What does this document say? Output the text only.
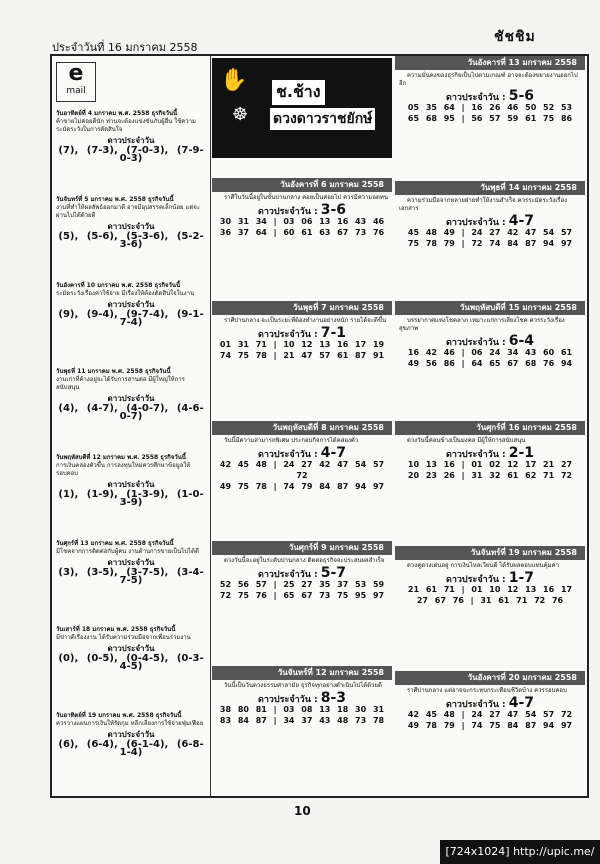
ประจำวันที่ 16 มกราคม 2558
ชัชชิม
e
mail
วันอาทิตย์ที่ 4 มกราคม พ.ศ. 2558 ธุรกิจวันนี้
ค้าขายไม่ค่อยดีนัก ท่านจะต้องแข่งขันกับผู้อื่น ใช้ความระมัดระวังในการตัดสินใจ
ดาวประจำวัน
(7), (7-3), (7-0-3), (7-9-0-3)
วันจันทร์ที่ 5 มกราคม พ.ศ. 2558 ธุรกิจวันนี้
งานที่ทำให้ผลลัพธ์ออกมาดี อาจมีอุปสรรคเล็กน้อย แต่จะผ่านไปได้ด้วยดี
ดาวประจำวัน
(5), (5-6), (5-3-6), (5-2-3-6)
วันอังคารที่ 10 มกราคม พ.ศ. 2558 ธุรกิจวันนี้
ระมัดระวังเรื่องค่าใช้จ่าย มีเรื่องให้ต้องตัดสินใจในงาน
ดาวประจำวัน
(9), (9-4), (9-7-4), (9-1-7-4)
วันพุธที่ 11 มกราคม พ.ศ. 2558 ธุรกิจวันนี้
งานเก่าที่ค้างอยู่จะได้รับการสานต่อ มีผู้ใหญ่ให้การสนับสนุน
ดาวประจำวัน
(4), (4-7), (4-0-7), (4-6-0-7)
วันพฤหัสบดีที่ 12 มกราคม พ.ศ. 2558 ธุรกิจวันนี้
การเงินคล่องตัวขึ้น การลงทุนใหม่ควรศึกษาข้อมูลให้รอบคอบ
ดาวประจำวัน
(1), (1-9), (1-3-9), (1-0-3-9)
วันศุกร์ที่ 13 มกราคม พ.ศ. 2558 ธุรกิจวันนี้
มีโชคจากการติดต่อกับผู้คน งานด้านการขายเป็นไปได้ดี
ดาวประจำวัน
(3), (3-5), (3-7-5), (3-4-7-5)
วันเสาร์ที่ 18 มกราคม พ.ศ. 2558 ธุรกิจวันนี้
มีข่าวดีเรื่องงาน ได้รับความร่วมมือจากเพื่อนร่วมงาน
ดาวประจำวัน
(0), (0-5), (0-4-5), (0-3-4-5)
วันอาทิตย์ที่ 19 มกราคม พ.ศ. 2558 ธุรกิจวันนี้
ควรวางแผนการเงินให้รัดกุม หลีกเลี่ยงการใช้จ่ายฟุ่มเฟือย
ดาวประจำวัน
(6), (6-4), (6-1-4), (6-8-1-4)
✋
☸
ช.ช้าง
ดวงดาวราชยักษ์
วันอังคารที่ 13 มกราคม 2558
ความมั่นคงของธุรกิจเป็นไปตามเกณฑ์ อาจจะต้องขยายงานออกไปอีก
ดาวประจำวัน : 5-6
05 35 64 | 16 26 46 50 52 53
65 68 95 | 56 57 59 61 75 86
วันอังคารที่ 6 มกราคม 2558
ราศีในวันนี้อยู่ในขั้นปานกลาง ค่อยเป็นค่อยไป ควรมีความอดทน
ดาวประจำวัน : 3-6
30 31 34 | 03 06 13 16 43 46
36 37 64 | 60 61 63 67 73 76
วันพุธที่ 14 มกราคม 2558
ความร่วมมือจากหลายฝ่ายทำให้งานสำเร็จ ควรระมัดระวังเรื่องเอกสาร
ดาวประจำวัน : 4-7
45 48 49 | 24 27 42 47 54 57
75 78 79 | 72 74 84 87 94 97
วันพุธที่ 7 มกราคม 2558
ราศีปานกลาง จะเป็นระยะที่ต้องทำงานอย่างหนัก รายได้จะดีขึ้น
ดาวประจำวัน : 7-1
01 31 71 | 10 12 13 16 17 19
74 75 78 | 21 47 57 61 87 91
วันพฤหัสบดีที่ 15 มกราคม 2558
บรรยากาศแห่งโชคลาภ เหมาะแก่การเสี่ยงโชค ควรระวังเรื่องสุขภาพ
ดาวประจำวัน : 6-4
16 42 46 | 06 24 34 43 60 61
49 56 86 | 64 65 67 68 76 94
วันพฤหัสบดีที่ 8 มกราคม 2558
วันนี้มีความสามารถพิเศษ ประกอบกิจการได้คล่องตัว
ดาวประจำวัน : 4-7
42 45 48 | 24 27 42 47 54 57 72
49 75 78 | 74 79 84 87 94 97
วันศุกร์ที่ 16 มกราคม 2558
ดวงวันนี้ค่อนข้างเป็นมงคล มีผู้ให้การสนับสนุน
ดาวประจำวัน : 2-1
10 13 16 | 01 02 12 17 21 27
20 23 26 | 31 32 61 62 71 72
วันศุกร์ที่ 9 มกราคม 2558
ดวงวันนี้จะอยู่ในระดับปานกลาง ติดต่อธุรกิจจะประสบผลสำเร็จ
ดาวประจำวัน : 5-7
52 56 57 | 25 27 35 37 53 59
72 75 76 | 65 67 73 75 95 97
วันจันทร์ที่ 19 มกราคม 2558
ดวงคู่ดวงเด่นอยู่ การเงินไหลเวียนดี ได้รับผลตอบแทนคุ้มค่า
ดาวประจำวัน : 1-7
21 61 71 | 01 10 12 13 16 17
27 67 76 | 31 61 71 72 76
วันจันทร์ที่ 12 มกราคม 2558
วันนี้เป็นวันดวงธรรมศาลามัย ธุรกิจทุกอย่างดำเนินไปได้ด้วยดี
ดาวประจำวัน : 8-3
38 80 81 | 03 08 13 18 30 31
83 84 87 | 34 37 43 48 73 78
วันอังคารที่ 20 มกราคม 2558
ราศีปานกลาง แต่อาจจะกระทบกระเทือนชีวิตบ้าง ควรรอบคอบ
ดาวประจำวัน : 4-7
42 45 48 | 24 27 47 54 57 72
49 78 79 | 74 75 84 87 94 97
10
[724x1024] http://upic.me/
